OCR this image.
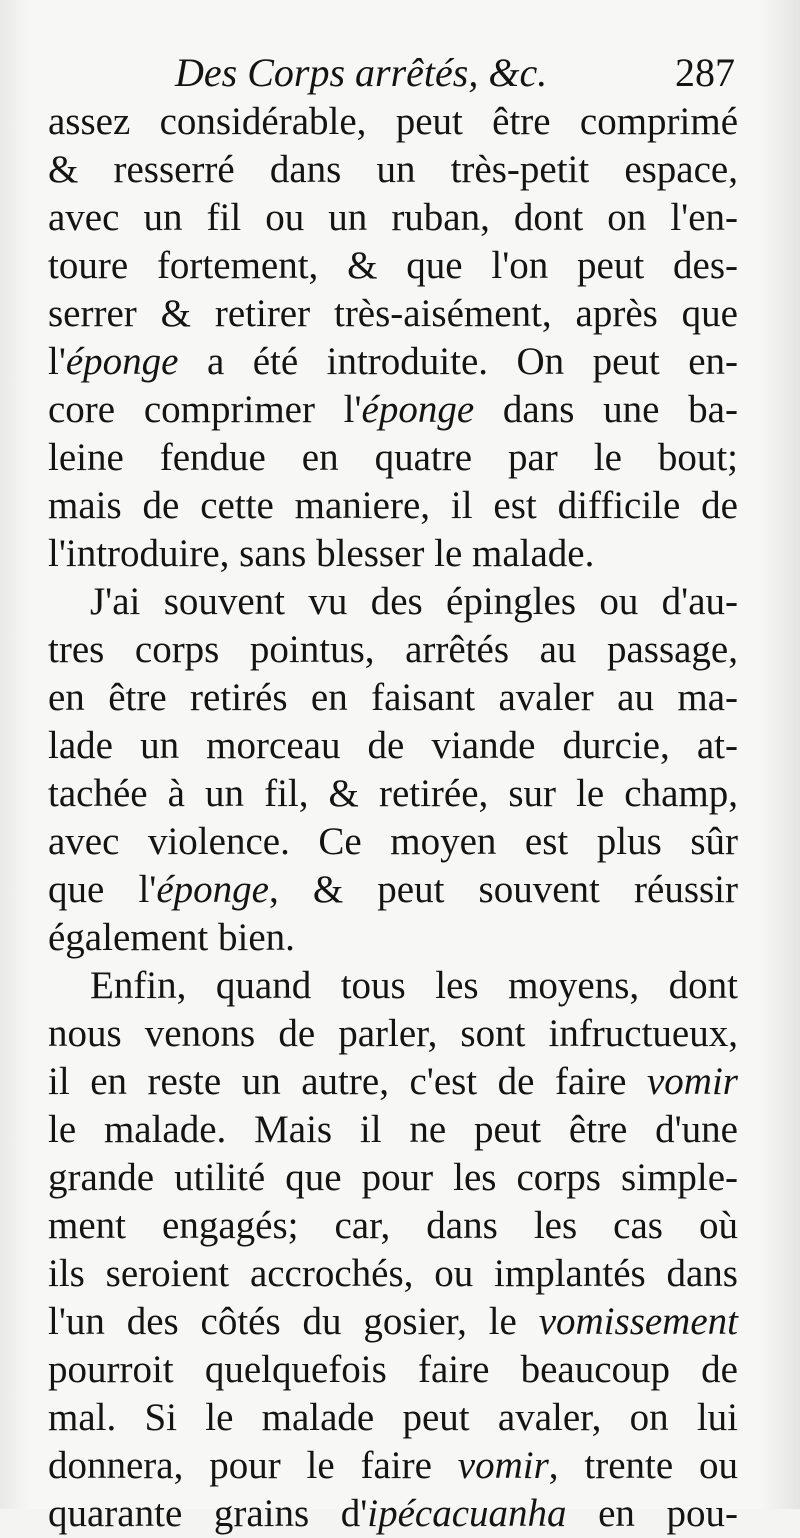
Des Corps arrêtés, &c.	287
assez considérable, peut être comprimé
& resserré dans un très-petit espace,
avec un fil ou un ruban, dont on l'en-
toure fortement, & que l'on peut des-
serrer & retirer très-aisément, après que
l'éponge a été introduite. On peut en-
core comprimer l'éponge dans une ba-
leine fendue en quatre par le bout;
mais de cette maniere, il est difficile de
l'introduire, sans blesser le malade.
J'ai souvent vu des épingles ou d'au-
tres corps pointus, arrêtés au passage,
en être retirés en faisant avaler au ma-
lade un morceau de viande durcie, at-
tachée à un fil, & retirée, sur le champ,
avec violence. Ce moyen est plus sûr
que l'éponge, & peut souvent réussir
également bien.
Enfin, quand tous les moyens, dont
nous venons de parler, sont infructueux,
il en reste un autre, c'est de faire vomir
le malade. Mais il ne peut être d'une
grande utilité que pour les corps simple-
ment engagés; car, dans les cas où
ils seroient accrochés, ou implantés dans
l'un des côtés du gosier, le vomissement
pourroit quelquefois faire beaucoup de
mal. Si le malade peut avaler, on lui
donnera, pour le faire vomir, trente ou
quarante grains d'ipécacuanha en pou-
